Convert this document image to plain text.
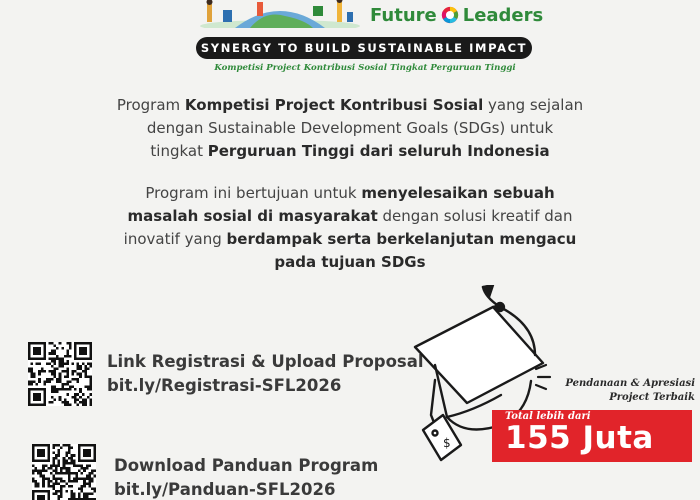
Future Leaders
SYNERGY TO BUILD SUSTAINABLE IMPACT
Kompetisi Project Kontribusi Sosial Tingkat Perguruan Tinggi
Program Kompetisi Project Kontribusi Sosial yang sejalan
dengan Sustainable Development Goals (SDGs) untuk
tingkat Perguruan Tinggi dari seluruh Indonesia
Program ini bertujuan untuk menyelesaikan sebuah
masalah sosial di masyarakat dengan solusi kreatif dan
inovatif yang berdampak serta berkelanjutan mengacu
pada tujuan SDGs
Link Registrasi & Upload Proposal
bit.ly/Registrasi-SFL2026
Download Panduan Program
bit.ly/Panduan-SFL2026
$
Pendanaan & Apresiasi
Project Terbaik
Total lebih dari
155 Juta
